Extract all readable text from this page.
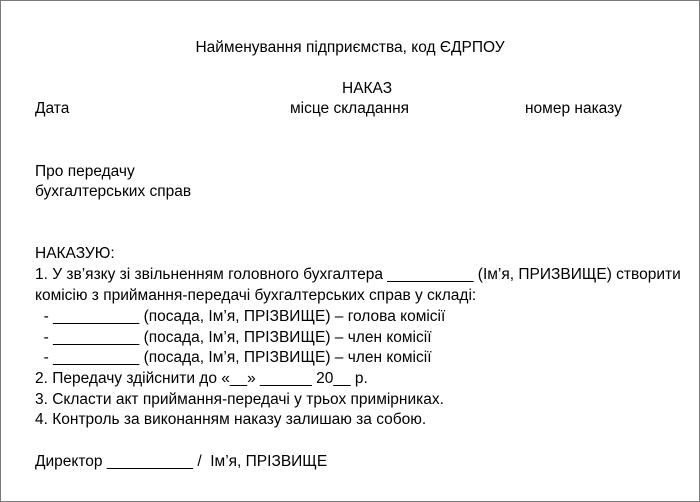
Найменування підприємства, код ЄДРПОУ
НАКАЗ
Дата	місце складання	номер наказу
Про передачу
бухгалтерських справ
НАКАЗУЮ:
1. У зв’язку зі звільненням головного бухгалтера __________ (Ім’я, ПРИЗВИЩЕ) створити
комісію з приймання-передачі бухгалтерських справ у складі:
- __________ (посада, Ім’я, ПРІЗВИЩЕ) – голова комісії
- __________ (посада, Ім’я, ПРІЗВИЩЕ) – член комісії
- __________ (посада, Ім’я, ПРІЗВИЩЕ) – член комісії
2. Передачу здійснити до «__» ______ 20__ р.
3. Скласти акт приймання-передачі у трьох примірниках.
4. Контроль за виконанням наказу залишаю за собою.
Директор __________ /  Ім’я, ПРІЗВИЩЕ
